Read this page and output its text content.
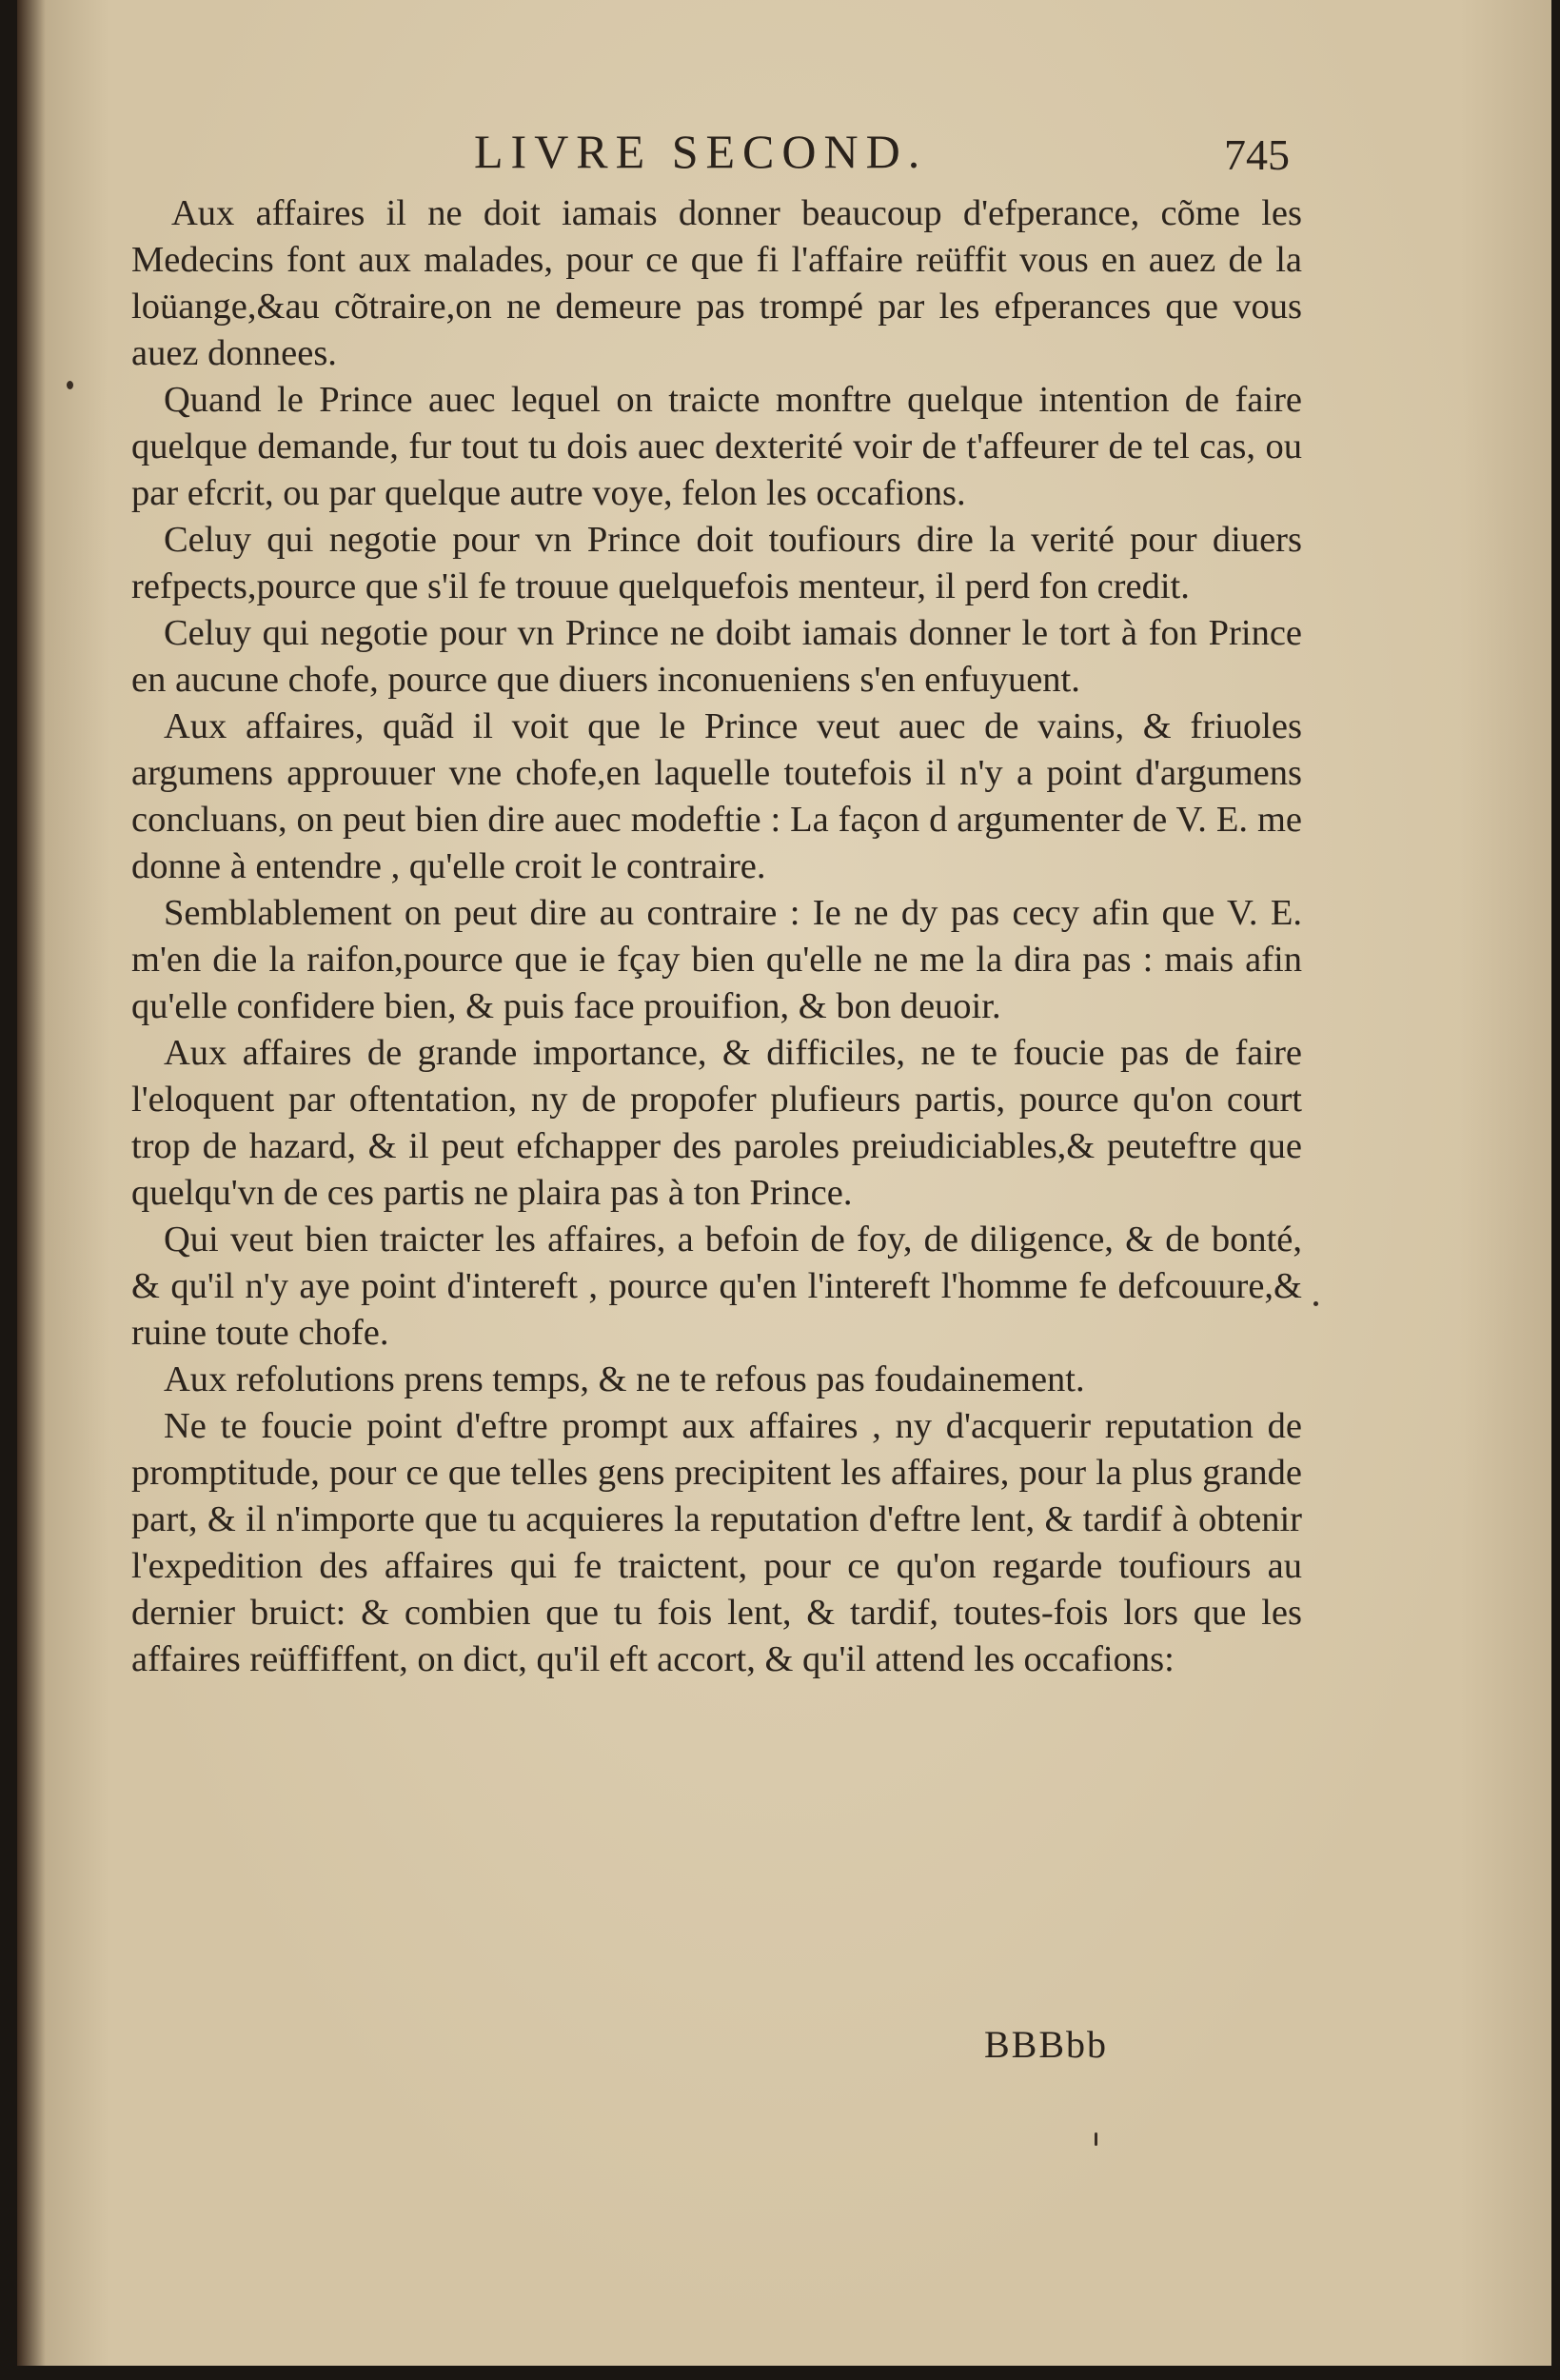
LIVRE SECOND.	745

Aux affaires il ne doit iamais donner beaucoup d'efperance, cõme les Medecins font aux malades, pour ce que fi l'affaire reüffit vous en auez de la loüange,&au cõtraire,on ne demeure pas trompé par les efperances que vous auez donnees.

Quand le Prince auec lequel on traicte monftre quelque intention de faire quelque demande, fur tout tu dois auec dexterité voir de t'affeurer de tel cas, ou par efcrit, ou par quelque autre voye, felon les occafions.

Celuy qui negotie pour vn Prince doit toufiours dire la verité pour diuers refpects,pource que s'il fe trouue quelquefois menteur, il perd fon credit.

Celuy qui negotie pour vn Prince ne doibt iamais donner le tort à fon Prince en aucune chofe, pource que diuers inconueniens s'en enfuyuent.

Aux affaires, quãd il voit que le Prince veut auec de vains, & friuoles argumens approuuer vne chofe,en laquelle toutefois il n'y a point d'argumens concluans, on peut bien dire auec modeftie : La façon d argumenter de V. E. me donne à entendre , qu'elle croit le contraire.

Semblablement on peut dire au contraire : Ie ne dy pas cecy afin que V. E. m'en die la raifon,pource que ie fçay bien qu'elle ne me la dira pas : mais afin qu'elle confidere bien, & puis face prouifion, & bon deuoir.

Aux affaires de grande importance, & difficiles, ne te foucie pas de faire l'eloquent par oftentation, ny de propofer plufieurs partis, pource qu'on court trop de hazard, & il peut efchapper des paroles preiudiciables,& peuteftre que quelqu'vn de ces partis ne plaira pas à ton Prince.

Qui veut bien traicter les affaires, a befoin de foy, de diligence, & de bonté, & qu'il n'y aye point d'intereft , pource qu'en l'intereft l'homme fe defcouure,& ruine toute chofe.

Aux refolutions prens temps, & ne te refous pas foudainement.

Ne te foucie point d'eftre prompt aux affaires , ny d'acquerir reputation de promptitude, pour ce que telles gens precipitent les affaires, pour la plus grande part, & il n'importe que tu acquieres la reputation d'eftre lent, & tardif à obtenir l'expedition des affaires qui fe traictent, pour ce qu'on regarde toufiours au dernier bruict: & combien que tu fois lent, & tardif, toutes-fois lors que les affaires reüffiffent, on dict, qu'il eft accort, & qu'il attend les occafions:

BBBbb
